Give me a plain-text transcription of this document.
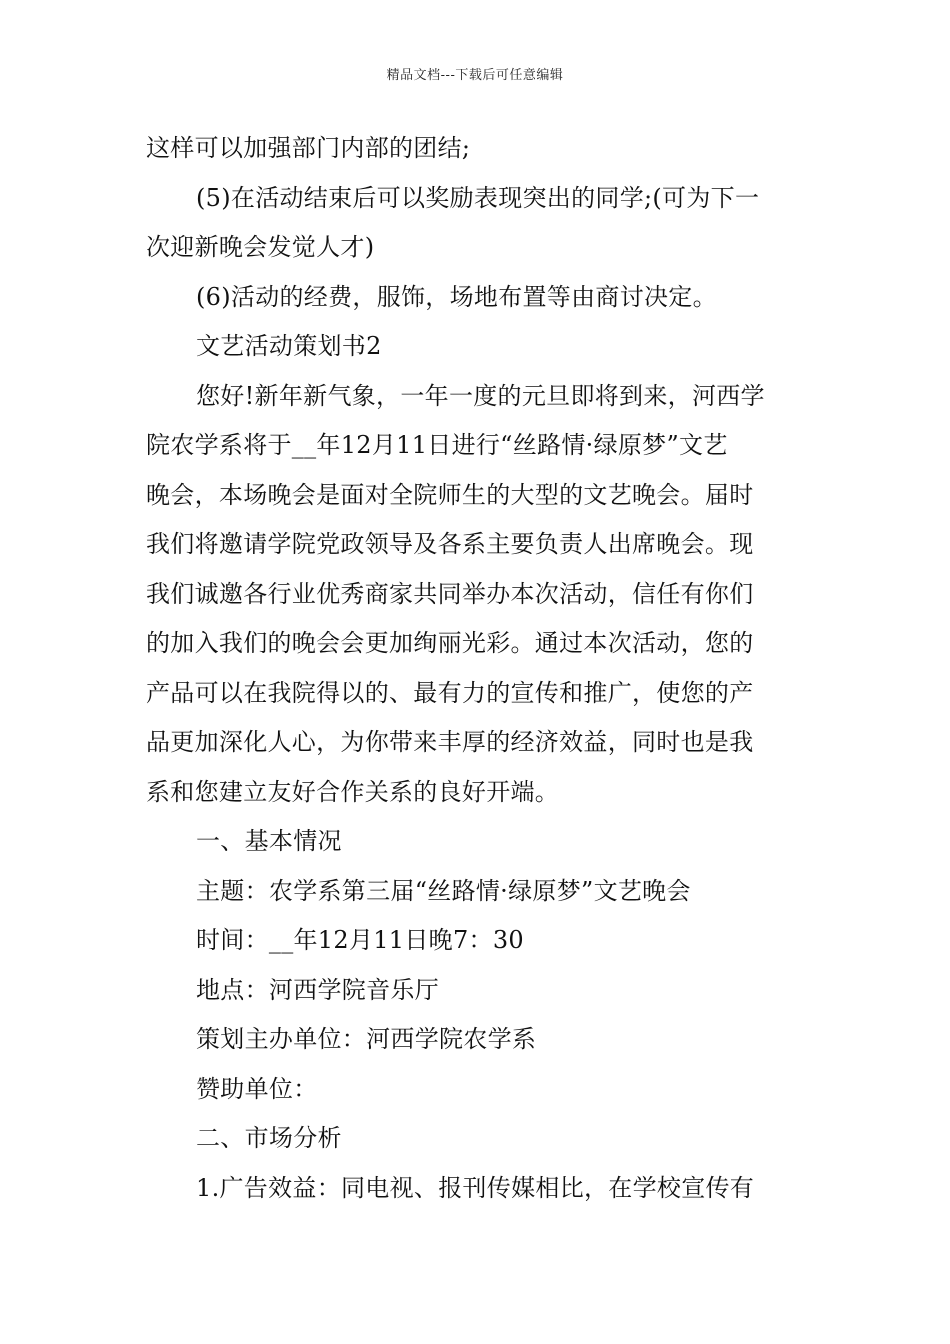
精品文档---下载后可任意编辑
这样可以加强部门内部的团结;
(5)在活动结束后可以奖励表现突出的同学;(可为下一
次迎新晚会发觉人才)
(6)活动的经费，服饰，场地布置等由商讨决定。
文艺活动策划书2
您好!新年新气象，一年一度的元旦即将到来，河西学
院农学系将于__年12月11日进行“丝路情·绿原梦”文艺
晚会，本场晚会是面对全院师生的大型的文艺晚会。届时
我们将邀请学院党政领导及各系主要负责人出席晚会。现
我们诚邀各行业优秀商家共同举办本次活动，信任有你们
的加入我们的晚会会更加绚丽光彩。通过本次活动，您的
产品可以在我院得以的、最有力的宣传和推广，使您的产
品更加深化人心，为你带来丰厚的经济效益，同时也是我
系和您建立友好合作关系的良好开端。
一、基本情况
主题：农学系第三届“丝路情·绿原梦”文艺晚会
时间：__年12月11日晚7：30
地点：河西学院音乐厅
策划主办单位：河西学院农学系
赞助单位：
二、市场分析
1.广告效益：同电视、报刊传媒相比，在学校宣传有
